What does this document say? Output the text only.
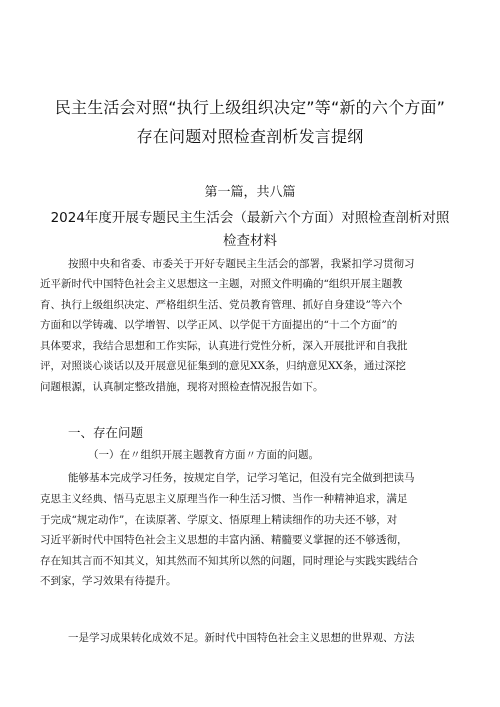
民主生活会对照“执行上级组织决定”等“新的六个方面”
存在问题对照检查剖析发言提纲
第一篇，共八篇
2024年度开展专题民主生活会（最新六个方面）对照检查剖析对照
检查材料
按照中央和省委、市委关于开好专题民主生活会的部署，我紧扣学习贯彻习
近平新时代中国特色社会主义思想这一主题，对照文件明确的“组织开展主题教
育、执行上级组织决定、严格组织生活、党员教育管理、抓好自身建设”等六个
方面和以学铸魂、以学增智、以学正风、以学促干方面提出的“十二个方面”的
具体要求，我结合思想和工作实际，认真进行党性分析，深入开展批评和自我批
评，对照谈心谈话以及开展意见征集到的意见XX条，归纳意见XX条，通过深挖
问题根源，认真制定整改措施，现将对照检查情况报告如下。
一、存在问题
（一）在〃组织开展主题教育方面〃方面的问题。
能够基本完成学习任务，按规定自学，记学习笔记，但没有完全做到把读马
克思主义经典、悟马克思主义原理当作一种生活习惯、当作一种精神追求，满足
于完成“规定动作”，在读原著、学原文、悟原理上精读细作的功夫还不够，对
习近平新时代中国特色社会主义思想的丰富内涵、精髓要义掌握的还不够透彻，
存在知其言而不知其义，知其然而不知其所以然的问题，同时理论与实践实践结合
不到家，学习效果有待提升。
一是学习成果转化成效不足。新时代中国特色社会主义思想的世界观、方法
